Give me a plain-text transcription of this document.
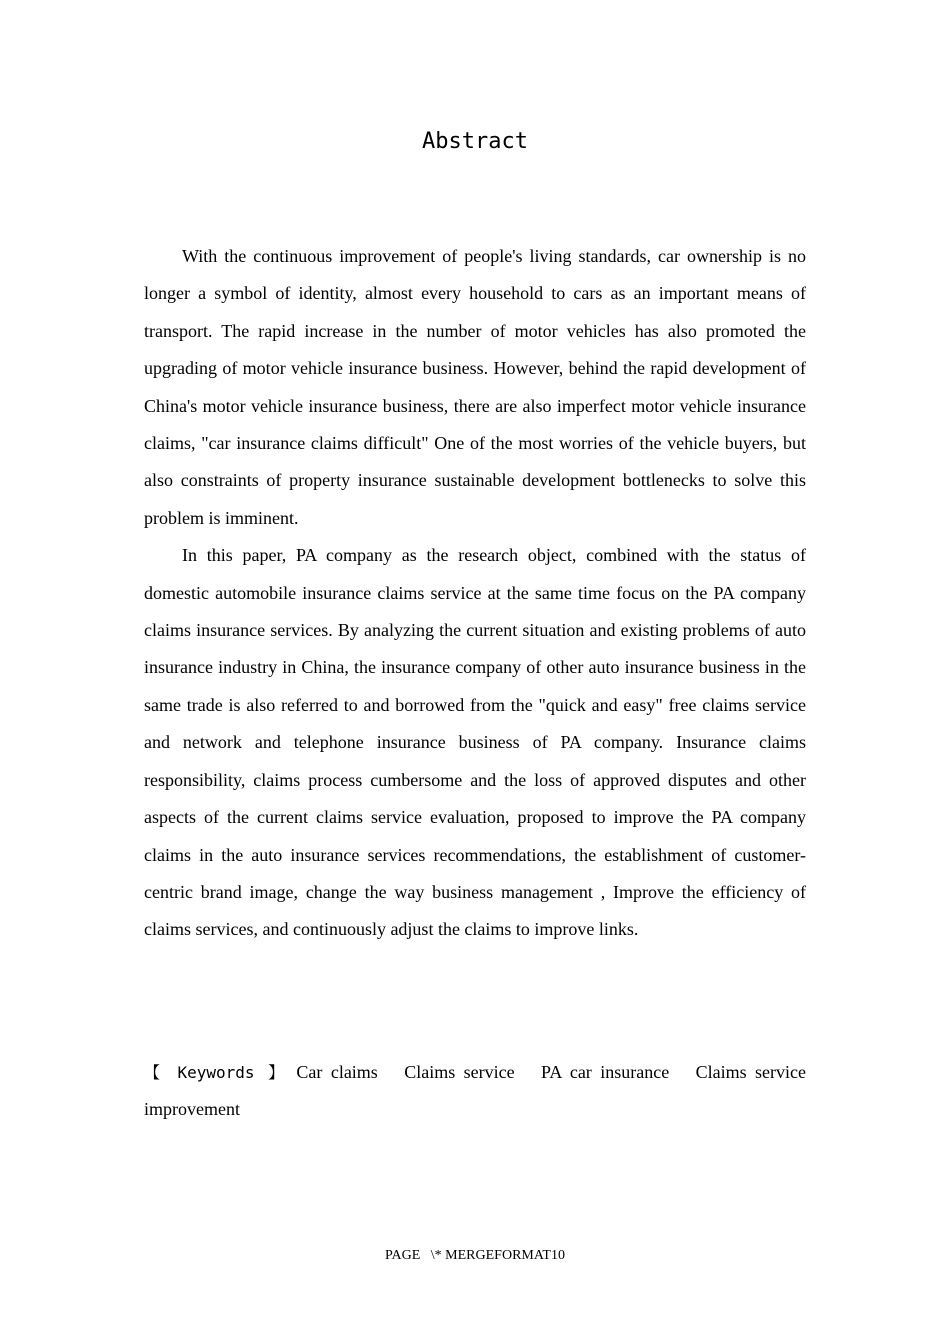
Abstract

With the continuous improvement of people's living standards, car ownership is no longer a symbol of identity, almost every household to cars as an important means of transport. The rapid increase in the number of motor vehicles has also promoted the upgrading of motor vehicle insurance business. However, behind the rapid development of China's motor vehicle insurance business, there are also imperfect motor vehicle insurance claims, "car insurance claims difficult" One of the most worries of the vehicle buyers, but also constraints of property insurance sustainable development bottlenecks to solve this problem is imminent.

In this paper, PA company as the research object, combined with the status of domestic automobile insurance claims service at the same time focus on the PA company claims insurance services. By analyzing the current situation and existing problems of auto insurance industry in China, the insurance company of other auto insurance business in the same trade is also referred to and borrowed from the "quick and easy" free claims service and network and telephone insurance business of PA company. Insurance claims responsibility, claims process cumbersome and the loss of approved disputes and other aspects of the current claims service evaluation, proposed to improve the PA company claims in the auto insurance services recommendations, the establishment of customer-centric brand image, change the way business management , Improve the efficiency of claims services, and continuously adjust the claims to improve links.

【 Keywords 】 Car claims Claims service PA car insurance Claims service improvement
PAGE   \* MERGEFORMAT10
